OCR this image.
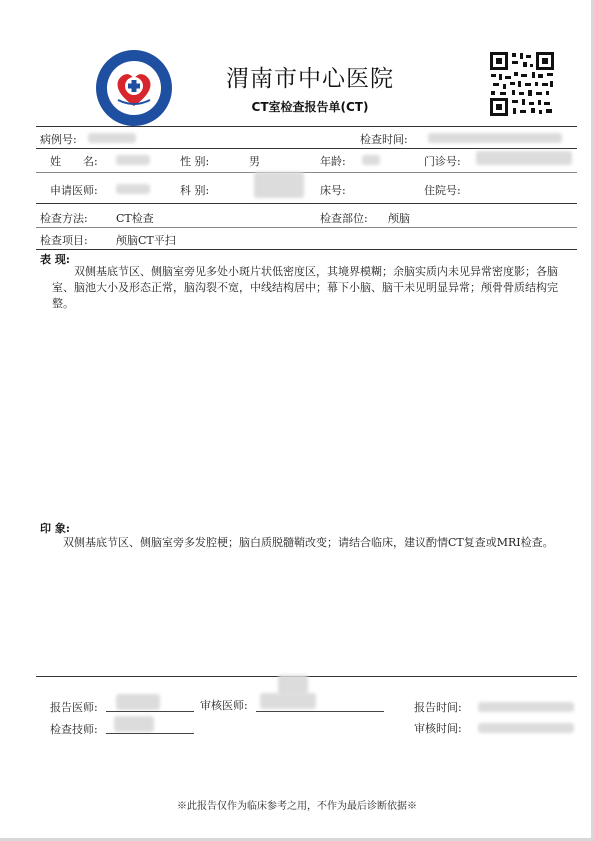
渭南市中心医院
CT室检查报告单(CT)
病例号:	检查时间:
姓　　名:	性 别:	男	年龄:	门诊号:
申请医师:	科 别:	床号:	住院号:
检查方法:	CT检查	检查部位: 颅脑
检查项目:	颅脑CT平扫
表 现:

双侧基底节区、侧脑室旁见多处小斑片状低密度区，其境界模糊；余脑实质内未见异常密度影；各脑室、脑池大小及形态正常，脑沟裂不宽，中线结构居中；幕下小脑、脑干未见明显异常；颅骨骨质结构完整。

印 象:

双侧基底节区、侧脑室旁多发腔梗；脑白质脱髓鞘改变；请结合临床，建议酌情CT复查或MRI检查。

报告医师:	审核医师:	报告时间:
检查技师:	审核时间:
※此报告仅作为临床参考之用，不作为最后诊断依据※
